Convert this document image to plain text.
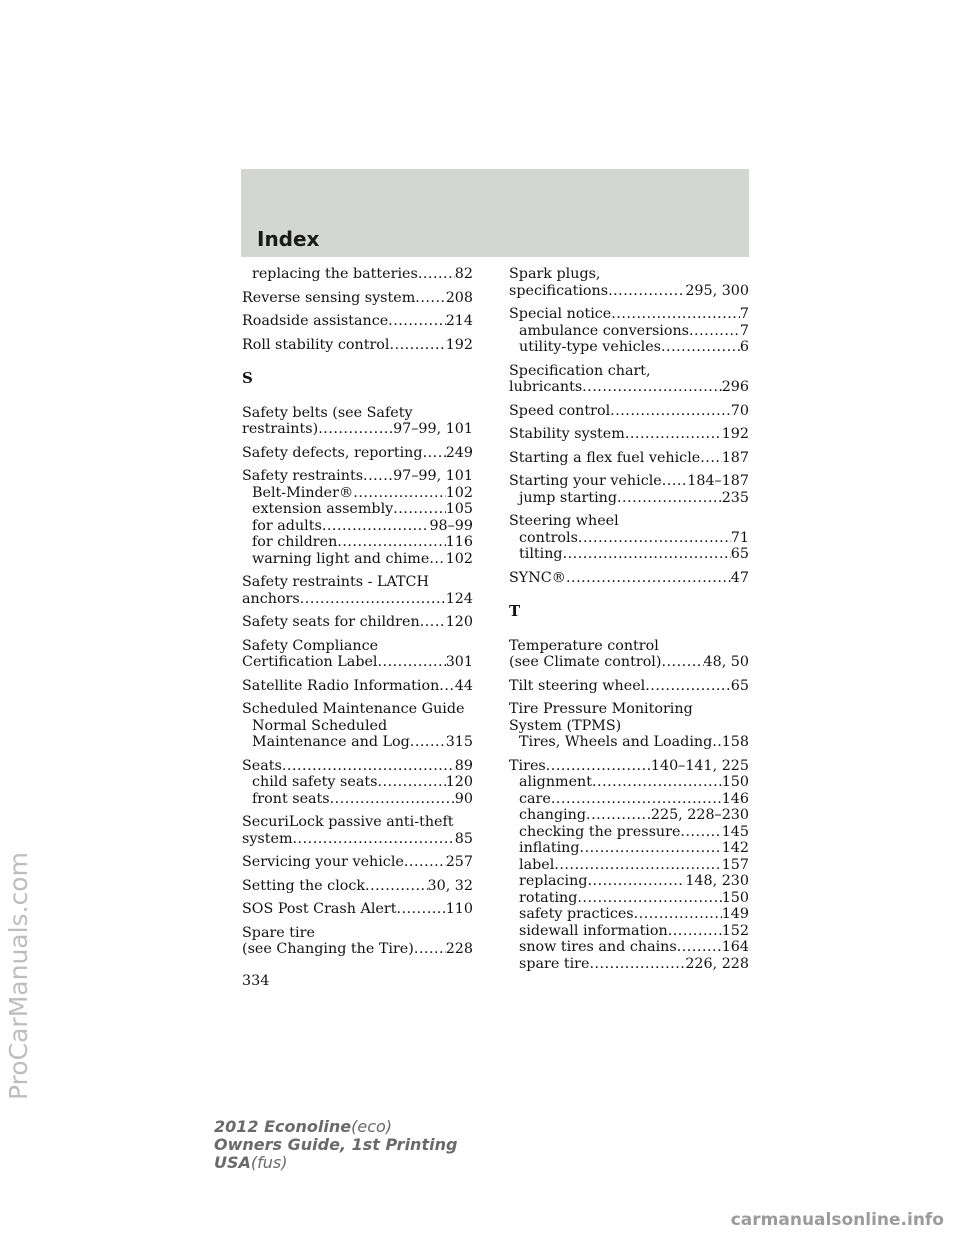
Index
replacing the batteries .....	82
Reverse sensing system ..... 208
Roadside assistance .....	214
Roll stability control .....	192
S
Safety belts (see Safety
restraints) .....	97–99, 101
Safety defects, reporting ..... 249
Safety restraints ..... 97–99, 101
Belt-Minder® .....	102
extension assembly .....	105
for adults .....	98–99
for children .....	116
warning light and chime ..... 102
Safety restraints - LATCH
anchors .....	124
Safety seats for children ..... 120
Safety Compliance
Certification Label .....	301
Satellite Radio Information ..... 44
Scheduled Maintenance Guide
Normal Scheduled
Maintenance and Log .....	315
Seats .....	89
child safety seats .....	120
front seats .....	90
SecuriLock passive anti-theft
system .....	85
Servicing your vehicle .....	257
Setting the clock .....	30, 32
SOS Post Crash Alert .....	110
Spare tire
(see Changing the Tire) ..... 228
Spark plugs,
specifications .....	295, 300
Special notice .....	7
ambulance conversions .....	7
utility-type vehicles .....	6
Specification chart,
lubricants .....	296
Speed control .....	70
Stability system .....	192
Starting a flex fuel vehicle ..... 187
Starting your vehicle ..... 184–187
jump starting .....	235
Steering wheel
controls .....	71
tilting .....	65
SYNC® .....	47
T
Temperature control
(see Climate control) .....	48, 50
Tilt steering wheel .....	65
Tire Pressure Monitoring
System (TPMS)
Tires, Wheels and Loading ..... 158
Tires .....	140–141, 225
alignment .....	150
care .....	146
changing .....	225, 228–230
checking the pressure .....	145
inflating .....	142
label .....	157
replacing .....	148, 230
rotating .....	150
safety practices .....	149
sidewall information .....	152
snow tires and chains .....	164
spare tire .....	226, 228
334
2012 Econoline(eco)
Owners Guide, 1st Printing
USA(fus)
ProCarManuals.com
carmanualsonline.info
